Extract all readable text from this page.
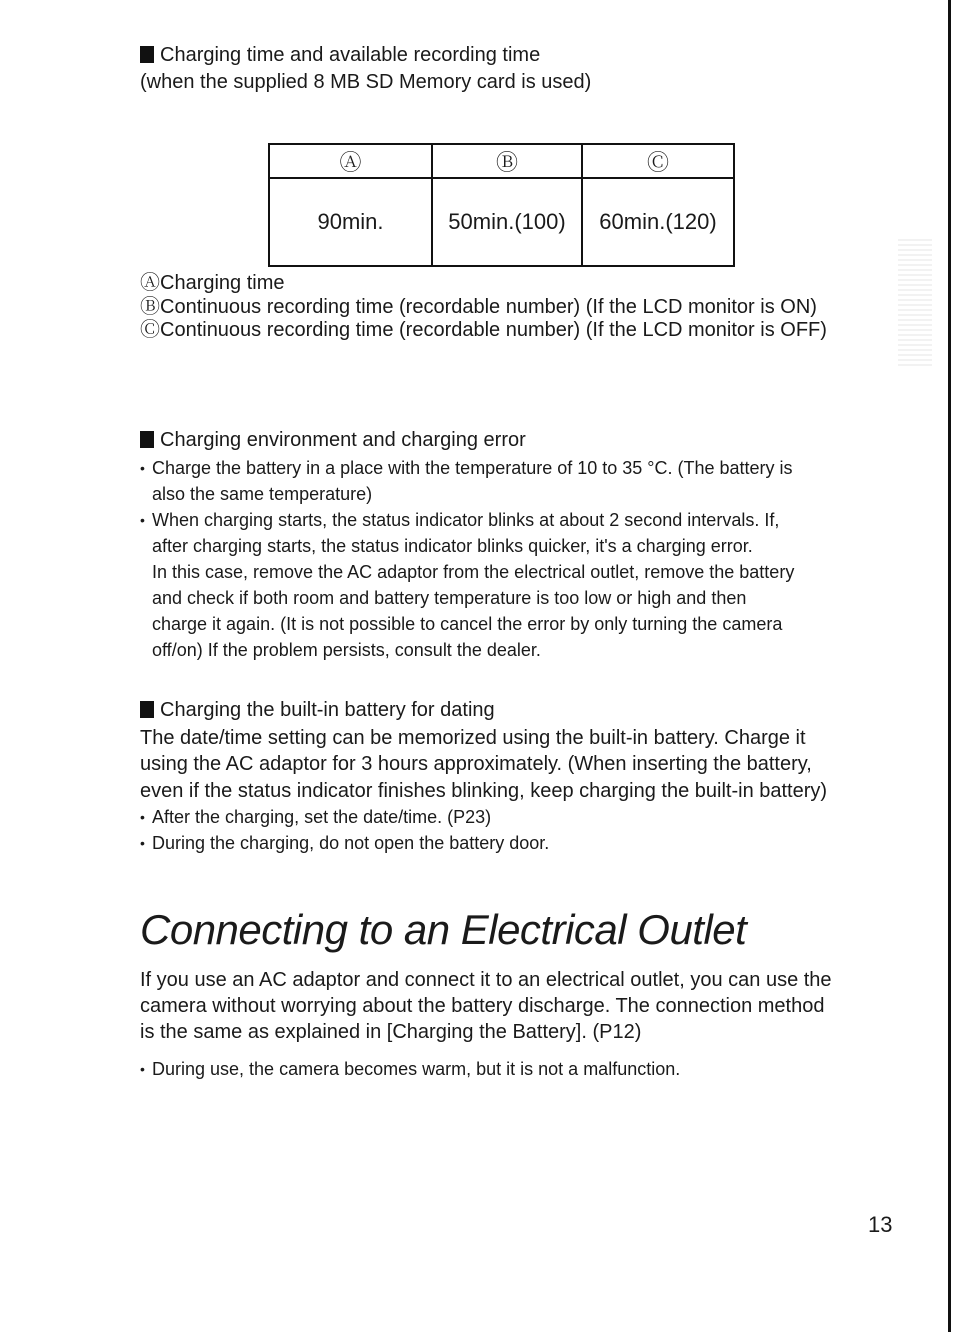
Charging time and available recording time
(when the supplied 8 MB SD Memory card is used)
Ⓐ	Ⓑ	Ⓒ
90min.	50min.(100)	60min.(120)
ⒶCharging time
ⒷContinuous recording time (recordable number) (If the LCD monitor is ON)
ⒸContinuous recording time (recordable number) (If the LCD monitor is OFF)
Charging environment and charging error
• Charge the battery in a place with the temperature of 10 to 35 °C. (The battery is
also the same temperature)
• When charging starts, the status indicator blinks at about 2 second intervals. If,
after charging starts, the status indicator blinks quicker, it's a charging error.
In this case, remove the AC adaptor from the electrical outlet, remove the battery
and check if both room and battery temperature is too low or high and then
charge it again. (It is not possible to cancel the error by only turning the camera
off/on) If the problem persists, consult the dealer.
Charging the built-in battery for dating
The date/time setting can be memorized using the built-in battery. Charge it
using the AC adaptor for 3 hours approximately. (When inserting the battery,
even if the status indicator finishes blinking, keep charging the built-in battery)
• After the charging, set the date/time. (P23)
• During the charging, do not open the battery door.
Connecting to an Electrical Outlet
If you use an AC adaptor and connect it to an electrical outlet, you can use the
camera without worrying about the battery discharge. The connection method
is the same as explained in [Charging the Battery]. (P12)
• During use, the camera becomes warm, but it is not a malfunction.
13
